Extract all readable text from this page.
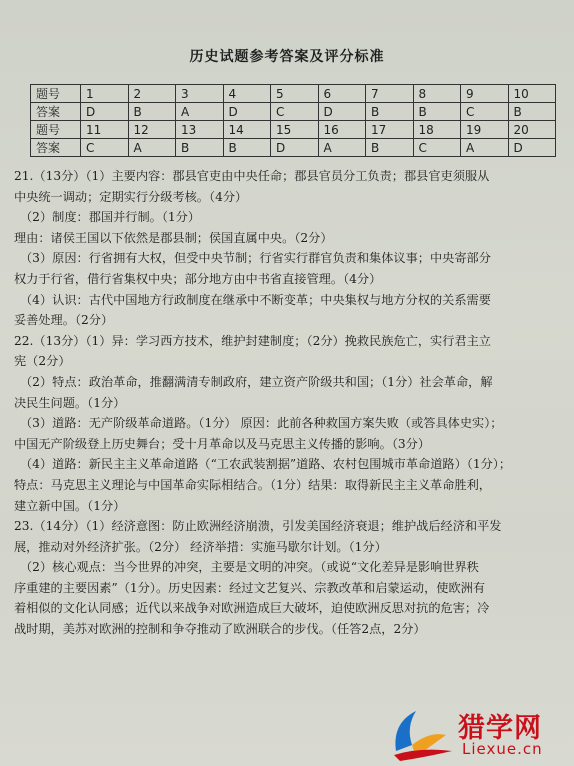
历史试题参考答案及评分标准
题号	1	2	3	4	5	6	7	8	9	10
答案	D	B	A	D	C	D	B	B	C	B
题号	11	12	13	14	15	16	17	18	19	20
答案	C	A	B	B	D	A	B	C	A	D
21.（13分）（1）主要内容：郡县官吏由中央任命；郡县官员分工负责；郡县官吏须服从
中央统一调动；定期实行分级考核。（4分）
（2）制度：郡国并行制。（1分）
理由：诸侯王国以下依然是郡县制；侯国直属中央。（2分）
（3）原因：行省拥有大权，但受中央节制；行省实行群官负责和集体议事；中央寄部分
权力于行省，借行省集权中央；部分地方由中书省直接管理。（4分）
（4）认识：古代中国地方行政制度在继承中不断变革；中央集权与地方分权的关系需要
妥善处理。（2分）
22.（13分）（1）异：学习西方技术，维护封建制度；（2分）挽救民族危亡，实行君主立
宪（2分）
（2）特点：政治革命，推翻满清专制政府，建立资产阶级共和国；（1分）社会革命，解
决民生问题。（1分）
（3）道路：无产阶级革命道路。（1分） 原因：此前各种救国方案失败（或答具体史实）；
中国无产阶级登上历史舞台；受十月革命以及马克思主义传播的影响。（3分）
（4）道路：新民主主义革命道路（“工农武装割据”道路、农村包围城市革命道路）（1分）；
特点：马克思主义理论与中国革命实际相结合。（1分）结果：取得新民主主义革命胜利，
建立新中国。（1分）
23.（14分）（1）经济意图：防止欧洲经济崩溃，引发美国经济衰退；维护战后经济和平发
展，推动对外经济扩张。（2分） 经济举措：实施马歇尔计划。（1分）
（2）核心观点：当今世界的冲突，主要是文明的冲突。（或说“文化差异是影响世界秩
序重建的主要因素”（1分）。历史因素：经过文艺复兴、宗教改革和启蒙运动，使欧洲有
着相似的文化认同感；近代以来战争对欧洲造成巨大破坏，迫使欧洲反思对抗的危害；冷
战时期，美苏对欧洲的控制和争夺推动了欧洲联合的步伐。（任答2点，2分）
猎学网
Liexue.cn
